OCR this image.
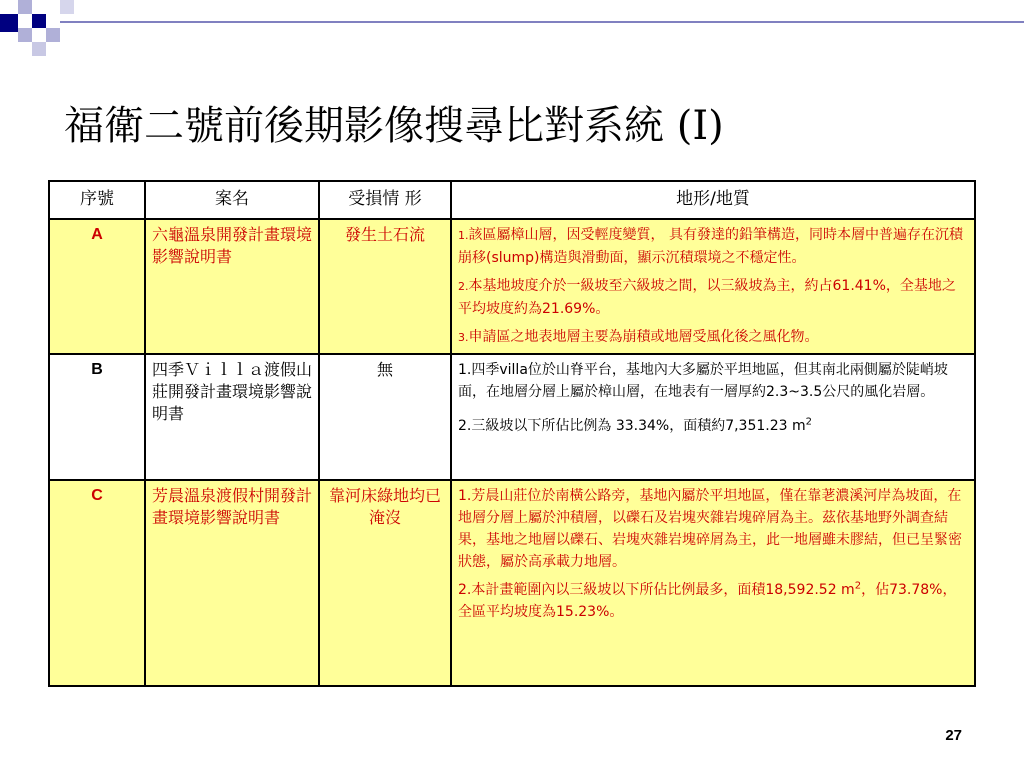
福衛二號前後期影像搜尋比對系統 (I)
序號	案名	受損情 形	地形/地質
A	六龜溫泉開發計畫環境影響說明書	發生土石流	1.該區屬樟山層，因受輕度變質， 具有發達的鉛筆構造，同時本層中普遍存在沉積崩移(slump)構造與滑動面，顯示沉積環境之不穩定性。
2.本基地坡度介於一級坡至六級坡之間，以三級坡為主，約占61.41%，全基地之平均坡度約為21.69%。
3.申請區之地表地層主要為崩積或地層受風化後之風化物。

B	四季Ｖｉｌｌａ渡假山莊開發計畫環境影響說明書	無	1.四季villa位於山脊平台，基地內大多屬於平坦地區，但其南北兩側屬於陡峭坡面，在地層分層上屬於樟山層，在地表有一層厚約2.3~3.5公尺的風化岩層。
2.三級坡以下所佔比例為 33.34%，面積約7,351.23 $m^2$

C	芳晨溫泉渡假村開發計畫環境影響說明書	靠河床綠地均已淹沒	1.芳晨山莊位於南橫公路旁，基地內屬於平坦地區，僅在靠荖濃溪河岸為坡面，在地層分層上屬於沖積層，以礫石及岩塊夾雜岩塊碎屑為主。茲依基地野外調查結果，基地之地層以礫石、岩塊夾雜岩塊碎屑為主，此一地層雖未膠結，但已呈緊密狀態，屬於高承載力地層。
2.本計畫範圍內以三級坡以下所佔比例最多，面積18,592.52 $m^2$，佔73.78%，全區平均坡度為15.23%。
27
